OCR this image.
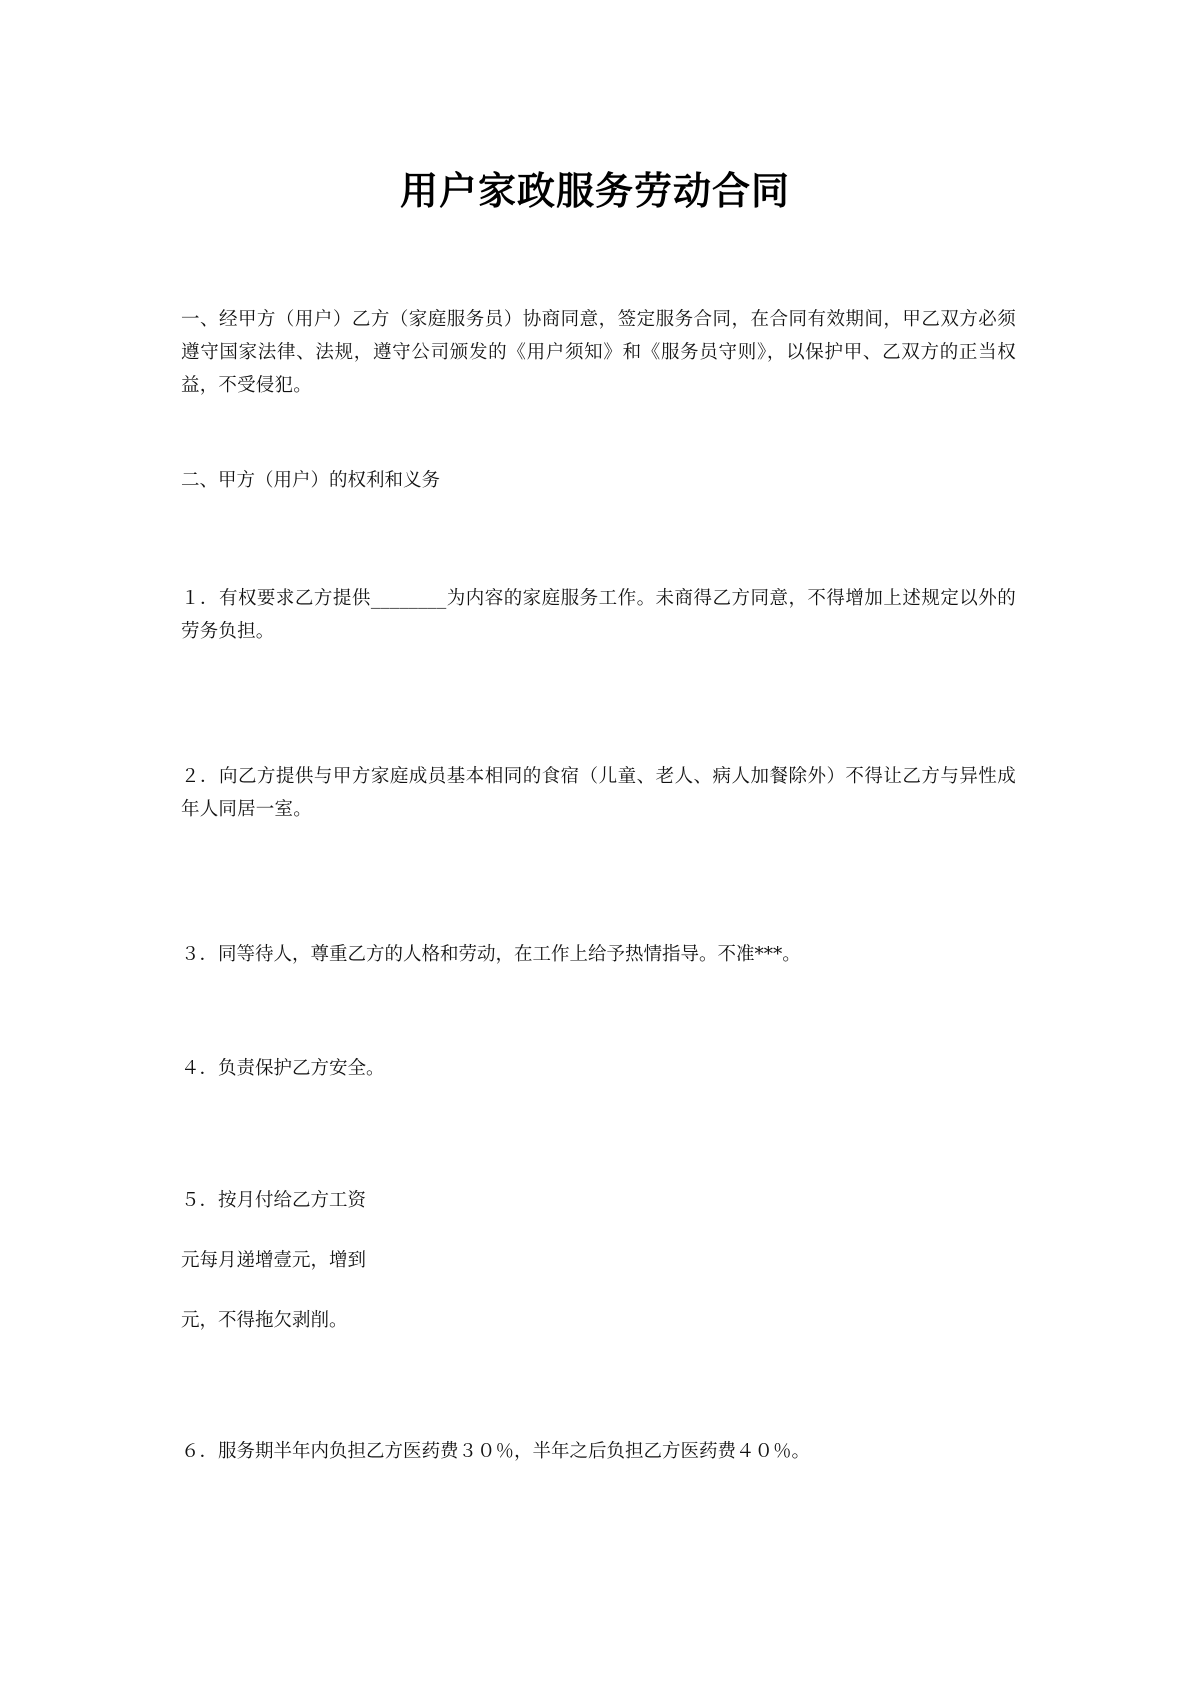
用户家政服务劳动合同

一、经甲方（用户）乙方（家庭服务员）协商同意，签定服务合同，在合同有效期间，甲乙双方必须遵守国家法律、法规，遵守公司颁发的《用户须知》和《服务员守则》，以保护甲、乙双方的正当权益，不受侵犯。

二、甲方（用户）的权利和义务

１．有权要求乙方提供________为内容的家庭服务工作。未商得乙方同意，不得增加上述规定以外的劳务负担。

２．向乙方提供与甲方家庭成员基本相同的食宿（儿童、老人、病人加餐除外）不得让乙方与异性成年人同居一室。

３．同等待人，尊重乙方的人格和劳动，在工作上给予热情指导。不准***。
４．负责保护乙方安全。
５．按月付给乙方工资
元每月递增壹元，增到
元，不得拖欠剥削。
６．服务期半年内负担乙方医药费３０％，半年之后负担乙方医药费４０％。
